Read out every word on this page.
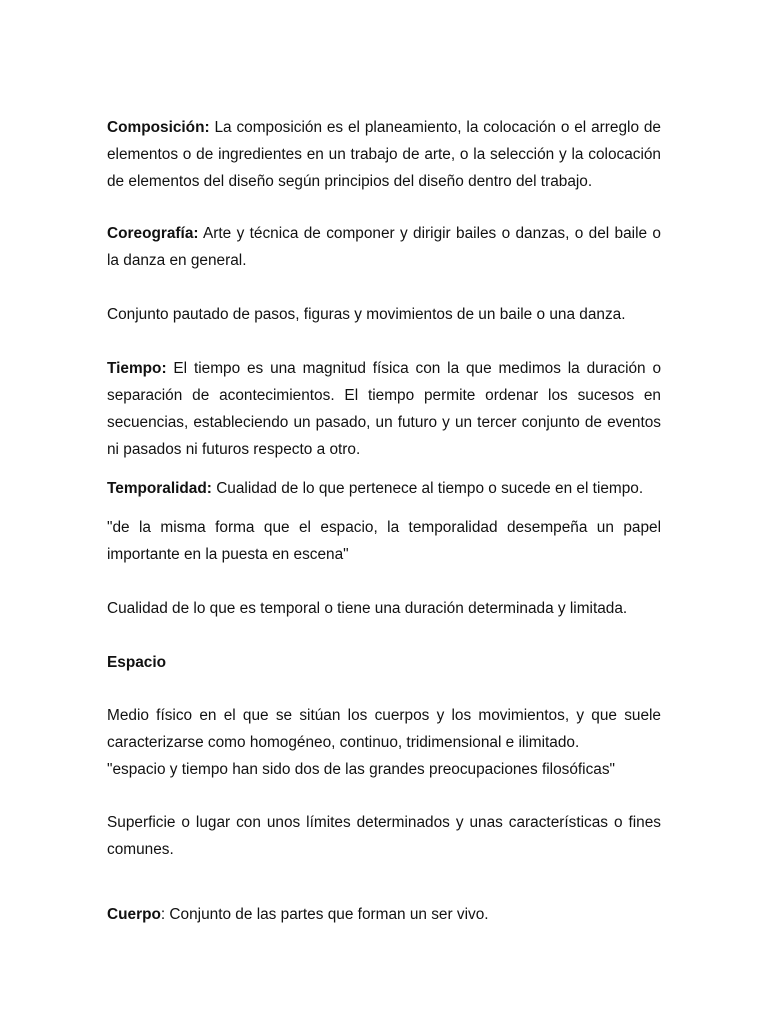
Composición: La composición es el planeamiento, la colocación o el arreglo de elementos o de ingredientes en un trabajo de arte, o la selección y la colocación de elementos del diseño según principios del diseño dentro del trabajo.

Coreografía: Arte y técnica de componer y dirigir bailes o danzas, o del baile o la danza en general.

Conjunto pautado de pasos, figuras y movimientos de un baile o una danza.

Tiempo: El tiempo es una magnitud física con la que medimos la duración o separación de acontecimientos. El tiempo permite ordenar los sucesos en secuencias, estableciendo un pasado, un futuro y un tercer conjunto de eventos ni pasados ni futuros respecto a otro.

Temporalidad: Cualidad de lo que pertenece al tiempo o sucede en el tiempo.

"de la misma forma que el espacio, la temporalidad desempeña un papel importante en la puesta en escena"

Cualidad de lo que es temporal o tiene una duración determinada y limitada.

Espacio

Medio físico en el que se sitúan los cuerpos y los movimientos, y que suele caracterizarse como homogéneo, continuo, tridimensional e ilimitado.
"espacio y tiempo han sido dos de las grandes preocupaciones filosóficas"

Superficie o lugar con unos límites determinados y unas características o fines comunes.

Cuerpo: Conjunto de las partes que forman un ser vivo.
